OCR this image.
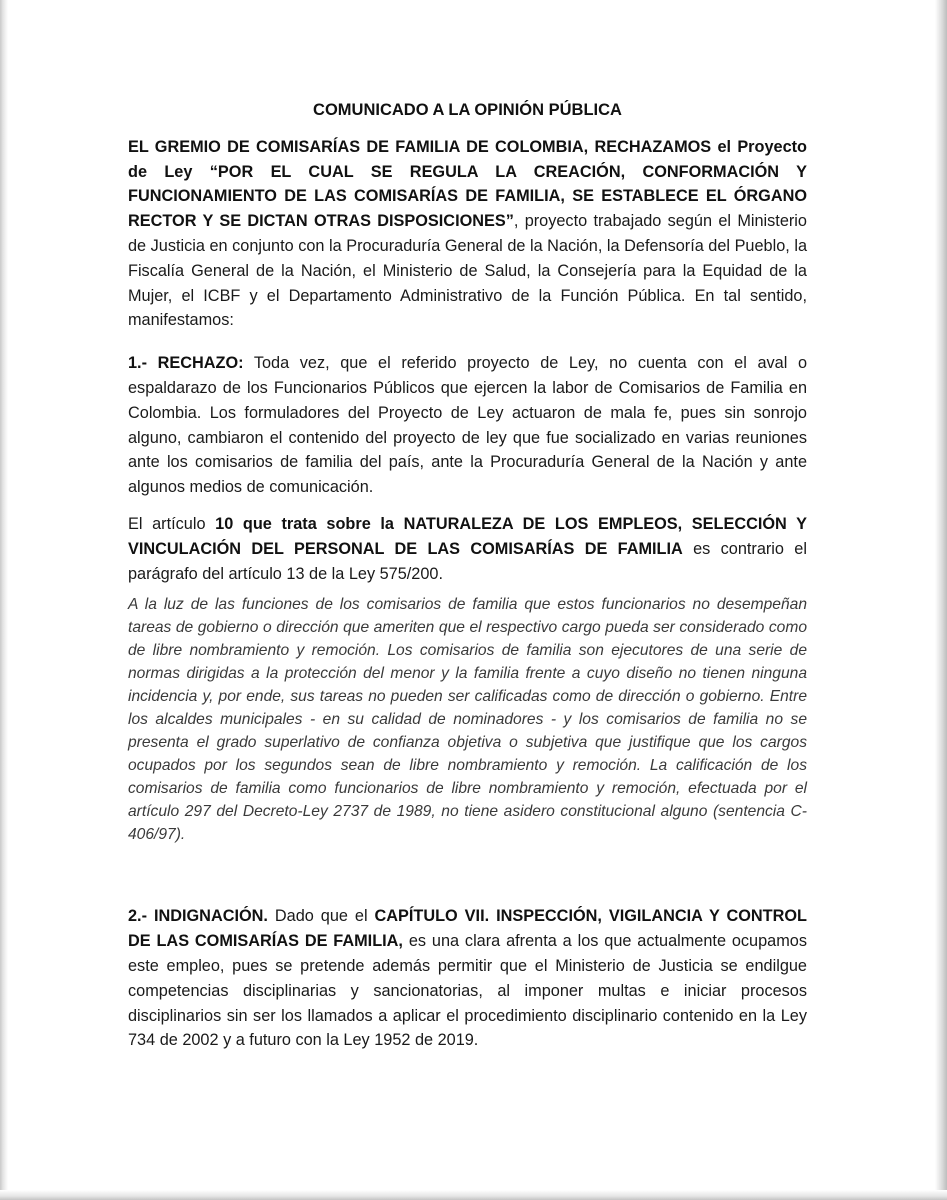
COMUNICADO A LA OPINIÓN PÚBLICA

EL GREMIO DE COMISARÍAS DE FAMILIA DE COLOMBIA, RECHAZAMOS el Proyecto de Ley “POR EL CUAL SE REGULA LA CREACIÓN, CONFORMACIÓN Y FUNCIONAMIENTO DE LAS COMISARÍAS DE FAMILIA, SE ESTABLECE EL ÓRGANO RECTOR Y SE DICTAN OTRAS DISPOSICIONES”, proyecto trabajado según el Ministerio de Justicia en conjunto con la Procuraduría General de la Nación, la Defensoría del Pueblo, la Fiscalía General de la Nación, el Ministerio de Salud, la Consejería para la Equidad de la Mujer, el ICBF y el Departamento Administrativo de la Función Pública. En tal sentido, manifestamos:

1.- RECHAZO: Toda vez, que el referido proyecto de Ley, no cuenta con el aval o espaldarazo de los Funcionarios Públicos que ejercen la labor de Comisarios de Familia en Colombia. Los formuladores del Proyecto de Ley actuaron de mala fe, pues sin sonrojo alguno, cambiaron el contenido del proyecto de ley que fue socializado en varias reuniones ante los comisarios de familia del país, ante la Procuraduría General de la Nación y ante algunos medios de comunicación.

El artículo 10 que trata sobre la NATURALEZA DE LOS EMPLEOS, SELECCIÓN Y VINCULACIÓN DEL PERSONAL DE LAS COMISARÍAS DE FAMILIA es contrario el parágrafo del artículo 13 de la Ley 575/200.

A la luz de las funciones de los comisarios de familia que estos funcionarios no desempeñan tareas de gobierno o dirección que ameriten que el respectivo cargo pueda ser considerado como de libre nombramiento y remoción. Los comisarios de familia son ejecutores de una serie de normas dirigidas a la protección del menor y la familia frente a cuyo diseño no tienen ninguna incidencia y, por ende, sus tareas no pueden ser calificadas como de dirección o gobierno. Entre los alcaldes municipales - en su calidad de nominadores - y los comisarios de familia no se presenta el grado superlativo de confianza objetiva o subjetiva que justifique que los cargos ocupados por los segundos sean de libre nombramiento y remoción. La calificación de los comisarios de familia como funcionarios de libre nombramiento y remoción, efectuada por el artículo 297 del Decreto-Ley 2737 de 1989, no tiene asidero constitucional alguno (sentencia C-406/97).

2.- INDIGNACIÓN. Dado que el CAPÍTULO VII. INSPECCIÓN, VIGILANCIA Y CONTROL DE LAS COMISARÍAS DE FAMILIA, es una clara afrenta a los que actualmente ocupamos este empleo, pues se pretende además permitir que el Ministerio de Justicia se endilgue competencias disciplinarias y sancionatorias, al imponer multas e iniciar procesos disciplinarios sin ser los llamados a aplicar el procedimiento disciplinario contenido en la Ley 734 de 2002 y a futuro con la Ley 1952 de 2019.
